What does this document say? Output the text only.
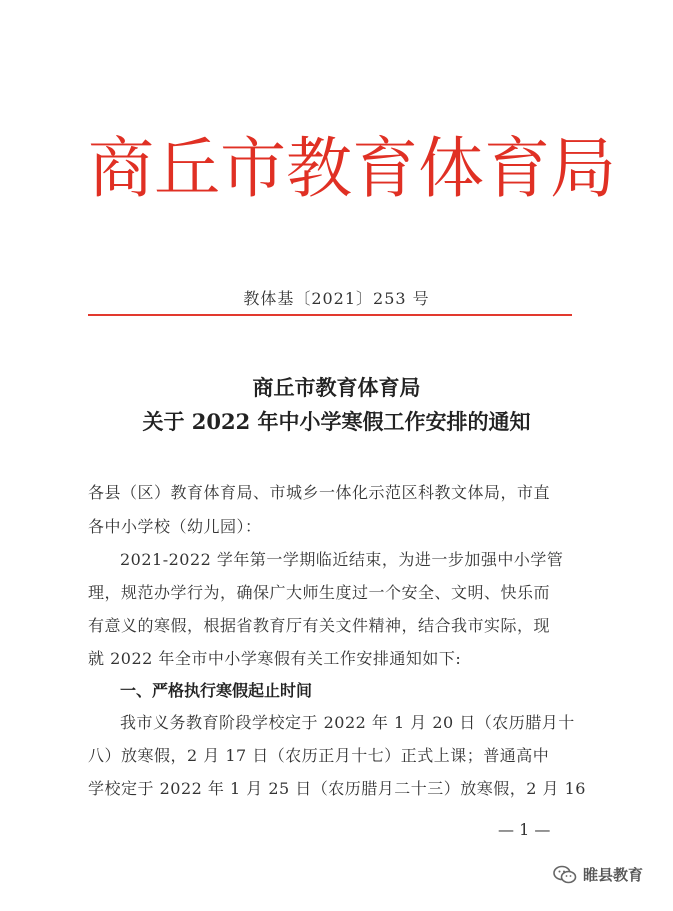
商丘市教育体育局
教体基〔2021〕253 号
商丘市教育体育局
关于 2022 年中小学寒假工作安排的通知
各县（区）教育体育局、市城乡一体化示范区科教文体局，市直
各中小学校（幼儿园）：
2021-2022 学年第一学期临近结束，为进一步加强中小学管
理，规范办学行为，确保广大师生度过一个安全、文明、快乐而
有意义的寒假，根据省教育厅有关文件精神，结合我市实际，现
就 2022 年全市中小学寒假有关工作安排通知如下:
一、严格执行寒假起止时间
我市义务教育阶段学校定于 2022 年 1 月 20 日（农历腊月十
八）放寒假，2 月 17 日（农历正月十七）正式上课；普通高中
学校定于 2022 年 1 月 25 日（农历腊月二十三）放寒假，2 月 16
— 1 —
睢县教育
